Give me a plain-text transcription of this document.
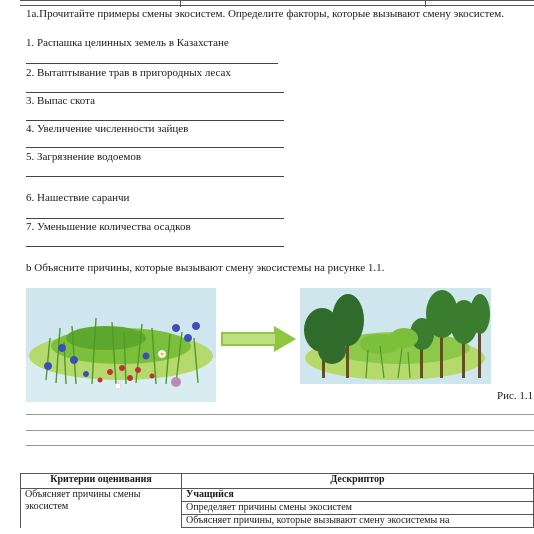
1а.Прочитайте примеры смены экосистем. Определите факторы, которые вызывают смену экосистем.
1. Распашка целинных земель в Казахстане
2. Вытаптывание трав в пригородных лесах
3. Выпас скота
4. Увеличение численности зайцев
5. Загрязнение водоемов
6. Нашествие саранчи
7. Уменьшение количества осадков
b Объясните причины, которые вызывают смену экосистемы на рисунке 1.1.
Рис. 1.1
Критерии оценивания	Дескриптор
Объясняет причины смены экосистем	Учащийся
	Определяет причины смены экосистем
	Объясняет причины, которые вызывают смену экосистемы на
